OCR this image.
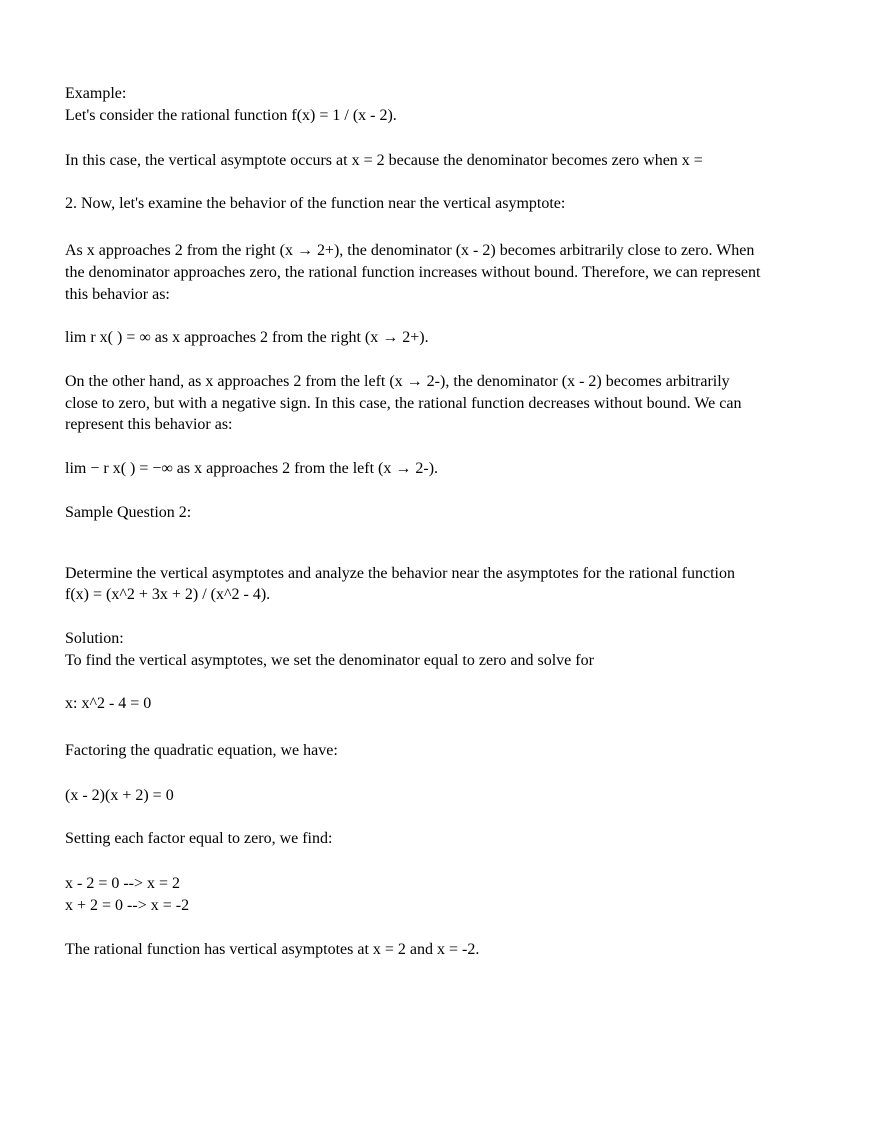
Example:
Let's consider the rational function f(x) = 1 / (x - 2).
In this case, the vertical asymptote occurs at x = 2 because the denominator becomes zero when x =
2. Now, let's examine the behavior of the function near the vertical asymptote:
As x approaches 2 from the right (x → 2+), the denominator (x - 2) becomes arbitrarily close to zero. When
the denominator approaches zero, the rational function increases without bound. Therefore, we can represent
this behavior as:
lim r x( ) = ∞ as x approaches 2 from the right (x → 2+).
On the other hand, as x approaches 2 from the left (x → 2-), the denominator (x - 2) becomes arbitrarily
close to zero, but with a negative sign. In this case, the rational function decreases without bound. We can
represent this behavior as:
lim − r x( ) = −∞ as x approaches 2 from the left (x → 2-).
Sample Question 2:
Determine the vertical asymptotes and analyze the behavior near the asymptotes for the rational function
f(x) = (x^2 + 3x + 2) / (x^2 - 4).
Solution:
To find the vertical asymptotes, we set the denominator equal to zero and solve for
x: x^2 - 4 = 0
Factoring the quadratic equation, we have:
(x - 2)(x + 2) = 0
Setting each factor equal to zero, we find:
x - 2 = 0 --> x = 2
x + 2 = 0 --> x = -2
The rational function has vertical asymptotes at x = 2 and x = -2.
